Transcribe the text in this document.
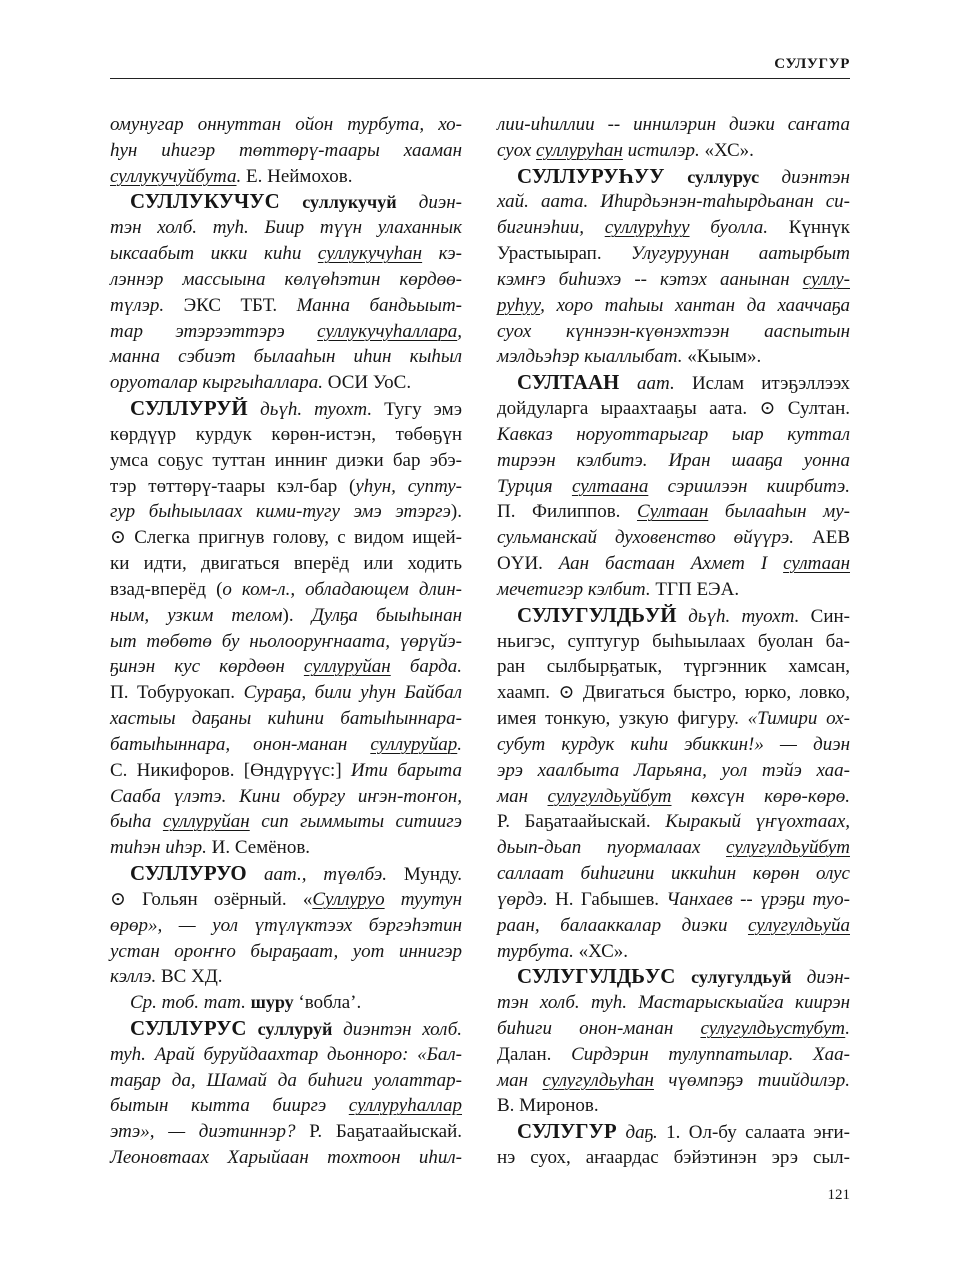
СУЛУГУР
омунугар оннуттан ойон турбута, хо-
һун иһигэр төттөрү-таары хааман
суллукучуйбута. Е. Неймохов.
СУЛЛУКУЧУС суллукучуй диэн-
тэн холб. туһ. Биир түүн улаханнык
ыксаабыт икки киһи суллукучуһан кэ-
лэннэр массыына көлүөһэтин көрдөө-
түлэр. ЭКС ТБТ. Манна бандьыыт-
тар этэрээттэрэ суллукучуһаллара,
манна сэбиэт былааһын иһин кыһыл
оруоталар кыргыһаллара. ОСИ УоС.
СУЛЛУРУЙ дьүһ. туохт. Тугу эмэ
көрдүүр курдук көрөн-истэн, төбөҕүн
умса соҕус туттан инниҥ диэки бар эбэ-
тэр төттөрү-таары кэл-бар (уһун, супту-
гур быһыылаах кими-тугу эмэ этэргэ).
⊙ Слегка пригнув голову, с видом ищей-
ки идти, двигаться вперёд или ходить
взад-вперёд (о ком-л., обладающем длин-
ным, узким телом). Дулҕа быыһынан
ыт төбөтө бу ньолооруҥнаата, үөрүйэ-
ҕинэн кус көрдөөн суллуруйан барда.
П. Тобуруокап. Сураҕа, били уһун Байбал
хастыы даҕаны киһини батыһыннара-
батыһыннара, онон-манан суллуруйар.
С. Никифоров. [Өндүрүүс:] Ити барыта
Сааба үлэтэ. Кини обургу иҥэн-тоҥон,
быһа суллуруйан сип гыммыты ситиигэ
тиһэн иһэр. И. Семёнов.
СУЛЛУРУО аат., түөлбэ. Мунду.
⊙ Гольян озёрный. «Суллуруо туутун
өрөр», — уол үтүлүктээх бэргэһэтин
устан ороҥҥо быраҕаат, уот иннигэр
кэллэ. ВС ХД.
Ср. тоб. тат. шуру ‘вобла’.
СУЛЛУРУС суллуруй диэнтэн холб.
туһ. Арай буруйдаахтар дьонноро: «Бал-
таҕар да, Шамай да биһиги уолаттар-
бытын кытта бииргэ суллуруһаллар
этэ», — диэтиннэр? Р. Баҕатаайыскай.
Леоновтаах Харыйаан тохтоон иһил-
лии-иһиллии -- иннилэрин диэки саҥата
суох суллуруһан истилэр. «ХС».
СУЛЛУРУҺУУ суллурус диэнтэн
хай. аата. Иһирдьэнэн-таһырдьанан си-
бигинэһии, суллуруһуу буолла. Күннүк
Урастыырап. Улугуруунан аатырбыт
кэмҥэ биһиэхэ -- кэтэх аанынан суллу-
руһуу, хоро таһыы хантан да хааччаҕа
суох күннээн-күөнэхтээн ааспытын
мэлдьэһэр кыаллыбат. «Кыым».
СУЛТААН аат. Ислам итэҕэллээх
дойдуларга ыраахтааҕы аата. ⊙ Султан.
Кавказ норуоттарыгар ыар куттал
тирээн кэлбитэ. Иран шааҕа уонна
Турция султаана сэриилээн киирбитэ.
П. Филиппов. Султаан былааһын му-
сульманскай духовенство өйүүрэ. АЕВ
ОҮИ. Аан бастаан Ахмет I султаан
мечетигэр кэлбит. ТГП ЕЭА.
СУЛУГУЛДЬУЙ дьүһ. туохт. Син-
ньигэс, суптугур быһыылаах буолан ба-
ран сылбырҕатык, түргэнник хамсан,
хаамп. ⊙ Двигаться быстро, юрко, ловко,
имея тонкую, узкую фигуру. «Тимири ох-
субут курдук киһи эбиккин!» — диэн
эрэ хаалбыта Ларьяна, уол тэйэ хаа-
ман сулугулдьуйбут көхсүн көрө-көрө.
Р. Баҕатаайыскай. Кыракый үҥүохтаах,
дьып-дьап пуормалаах сулугулдьуйбут
саллаат биһигини иккиһин көрөн олус
үөрдэ. Н. Габышев. Чанхаев -- үрэҕи туо-
раан, балааккалар диэки сулугулдьуйа
турбута. «ХС».
СУЛУГУЛДЬУС сулугулдьуй диэн-
тэн холб. туһ. Мастарыскыайга киирэн
биһиги онон-манан сулугулдьустубут.
Далан. Сирдэрин тулуппатылар. Хаа-
ман сулугулдьуһан чүөмпэҕэ тиийдилэр.
В. Миронов.
СУЛУГУР даҕ. 1. Ол-бу салаата эҥи-
нэ суох, аҥаардас бэйэтинэн эрэ сыл-
121
